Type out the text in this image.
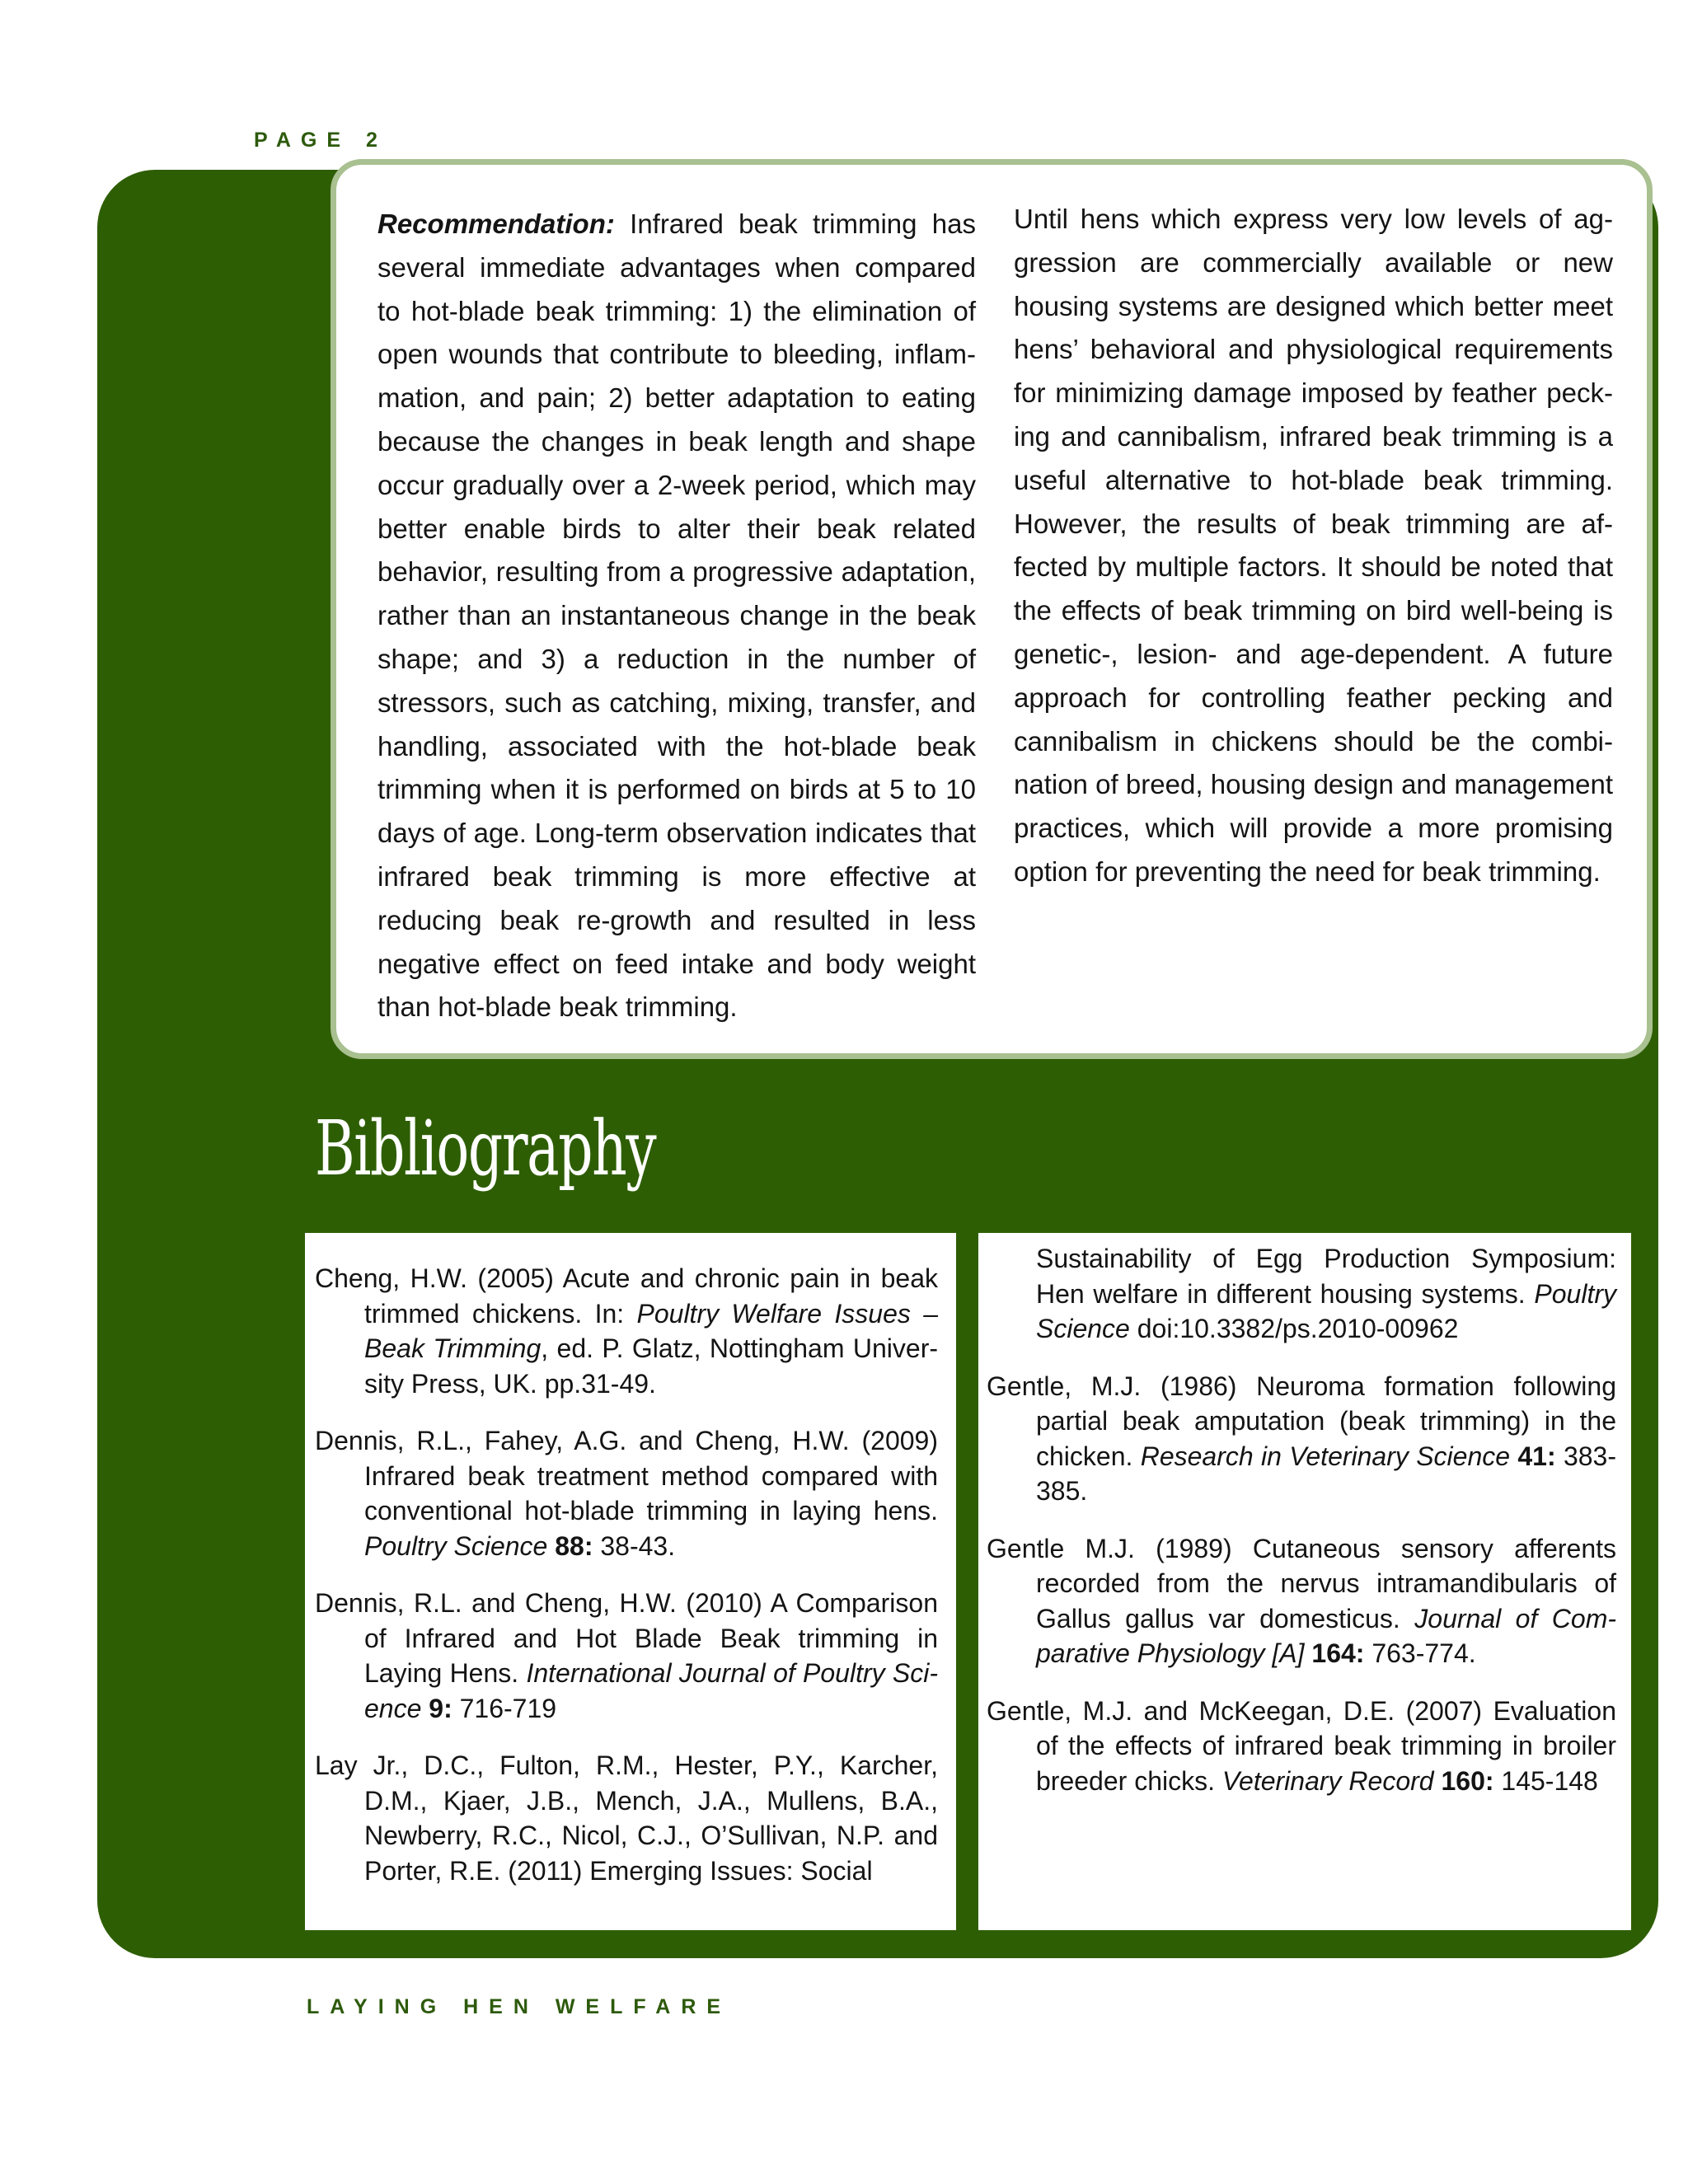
PAGE 2

Recommendation: Infrared beak trimming has several immediate advantages when compared to hot-blade beak trimming: 1) the elimination of open wounds that contribute to bleeding, inflammation, and pain; 2) better adaptation to eating because the changes in beak length and shape occur gradually over a 2-week period, which may better enable birds to alter their beak related behavior, resulting from a progressive adaptation, rather than an instantaneous change in the beak shape; and 3) a reduction in the number of stressors, such as catching, mixing, transfer, and handling, associated with the hot-blade beak trimming when it is performed on birds at 5 to 10 days of age. Long-term observation indicates that infrared beak trimming is more effective at reducing beak re-growth and resulted in less negative effect on feed intake and body weight than hot-blade beak trimming.

Until hens which express very low levels of aggression are commercially available or new housing systems are designed which better meet hens’ behavioral and physiological requirements for minimizing damage imposed by feather pecking and cannibalism, infrared beak trimming is a useful alternative to hot-blade beak trimming. However, the results of beak trimming are affected by multiple factors. It should be noted that the effects of beak trimming on bird well-being is genetic-, lesion- and age-dependent. A future approach for controlling feather pecking and cannibalism in chickens should be the combination of breed, housing design and management practices, which will provide a more promising option for preventing the need for beak trimming.

Bibliography

Cheng, H.W. (2005) Acute and chronic pain in beak trimmed chickens. In: Poultry Welfare Issues – Beak Trimming, ed. P. Glatz, Nottingham University Press, UK. pp.31-49.

Dennis, R.L., Fahey, A.G. and Cheng, H.W. (2009) Infrared beak treatment method compared with conventional hot-blade trimming in laying hens. Poultry Science 88: 38-43.

Dennis, R.L. and Cheng, H.W. (2010) A Comparison of Infrared and Hot Blade Beak trimming in Laying Hens. International Journal of Poultry Science 9: 716-719

Lay Jr., D.C., Fulton, R.M., Hester, P.Y., Karcher, D.M., Kjaer, J.B., Mench, J.A., Mullens, B.A., Newberry, R.C., Nicol, C.J., O’Sullivan, N.P. and Porter, R.E. (2011) Emerging Issues: Social

Sustainability of Egg Production Symposium: Hen welfare in different housing systems. Poultry Science doi:10.3382/ps.2010-00962

Gentle, M.J. (1986) Neuroma formation following partial beak amputation (beak trimming) in the chicken. Research in Veterinary Science 41: 383-385.

Gentle M.J. (1989) Cutaneous sensory afferents recorded from the nervus intramandibularis of Gallus gallus var domesticus. Journal of Comparative Physiology [A] 164: 763-774.

Gentle, M.J. and McKeegan, D.E. (2007) Evaluation of the effects of infrared beak trimming in broiler breeder chicks. Veterinary Record 160: 145-148

LAYING HEN WELFARE
